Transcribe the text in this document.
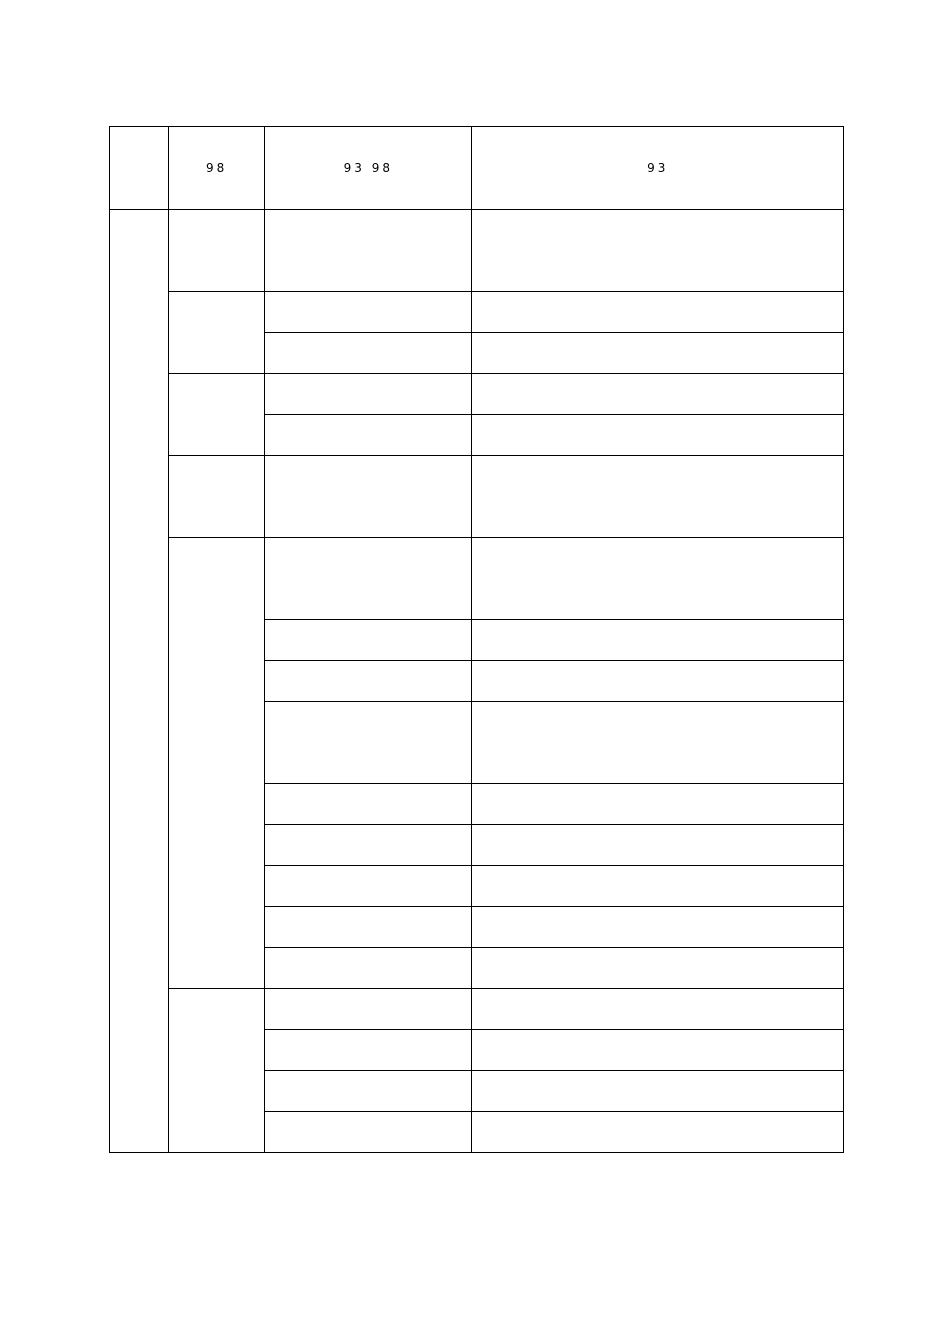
	98	93 98	93
